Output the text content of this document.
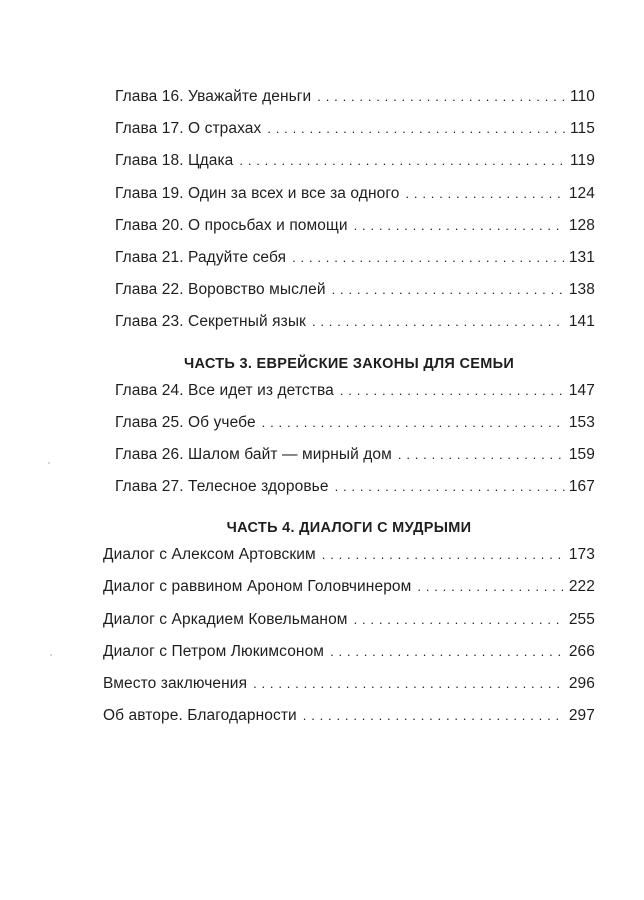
Глава 16. Уважайте деньги . . .	110
Глава 17. О страхах . . .	115
Глава 18. Цдака . . .	119
Глава 19. Один за всех и все за одного . . .	124
Глава 20. О просьбах и помощи . . .	128
Глава 21. Радуйте себя . . .	131
Глава 22. Воровство мыслей . . .	138
Глава 23. Секретный язык . . .	141
ЧАСТЬ 3. ЕВРЕЙСКИЕ ЗАКОНЫ ДЛЯ СЕМЬИ
Глава 24. Все идет из детства . . .	147
Глава 25. Об учебе . . .	153
Глава 26. Шалом байт — мирный дом . . .	159
Глава 27. Телесное здоровье . . .	167
ЧАСТЬ 4. ДИАЛОГИ С МУДРЫМИ
Диалог с Алексом Артовским . . .	173
Диалог с раввином Ароном Головчинером . . .	222
Диалог с Аркадием Ковельманом . . .	255
Диалог с Петром Люкимсоном . . .	266
Вместо заключения . . .	296
Об авторе. Благодарности . . .	297
